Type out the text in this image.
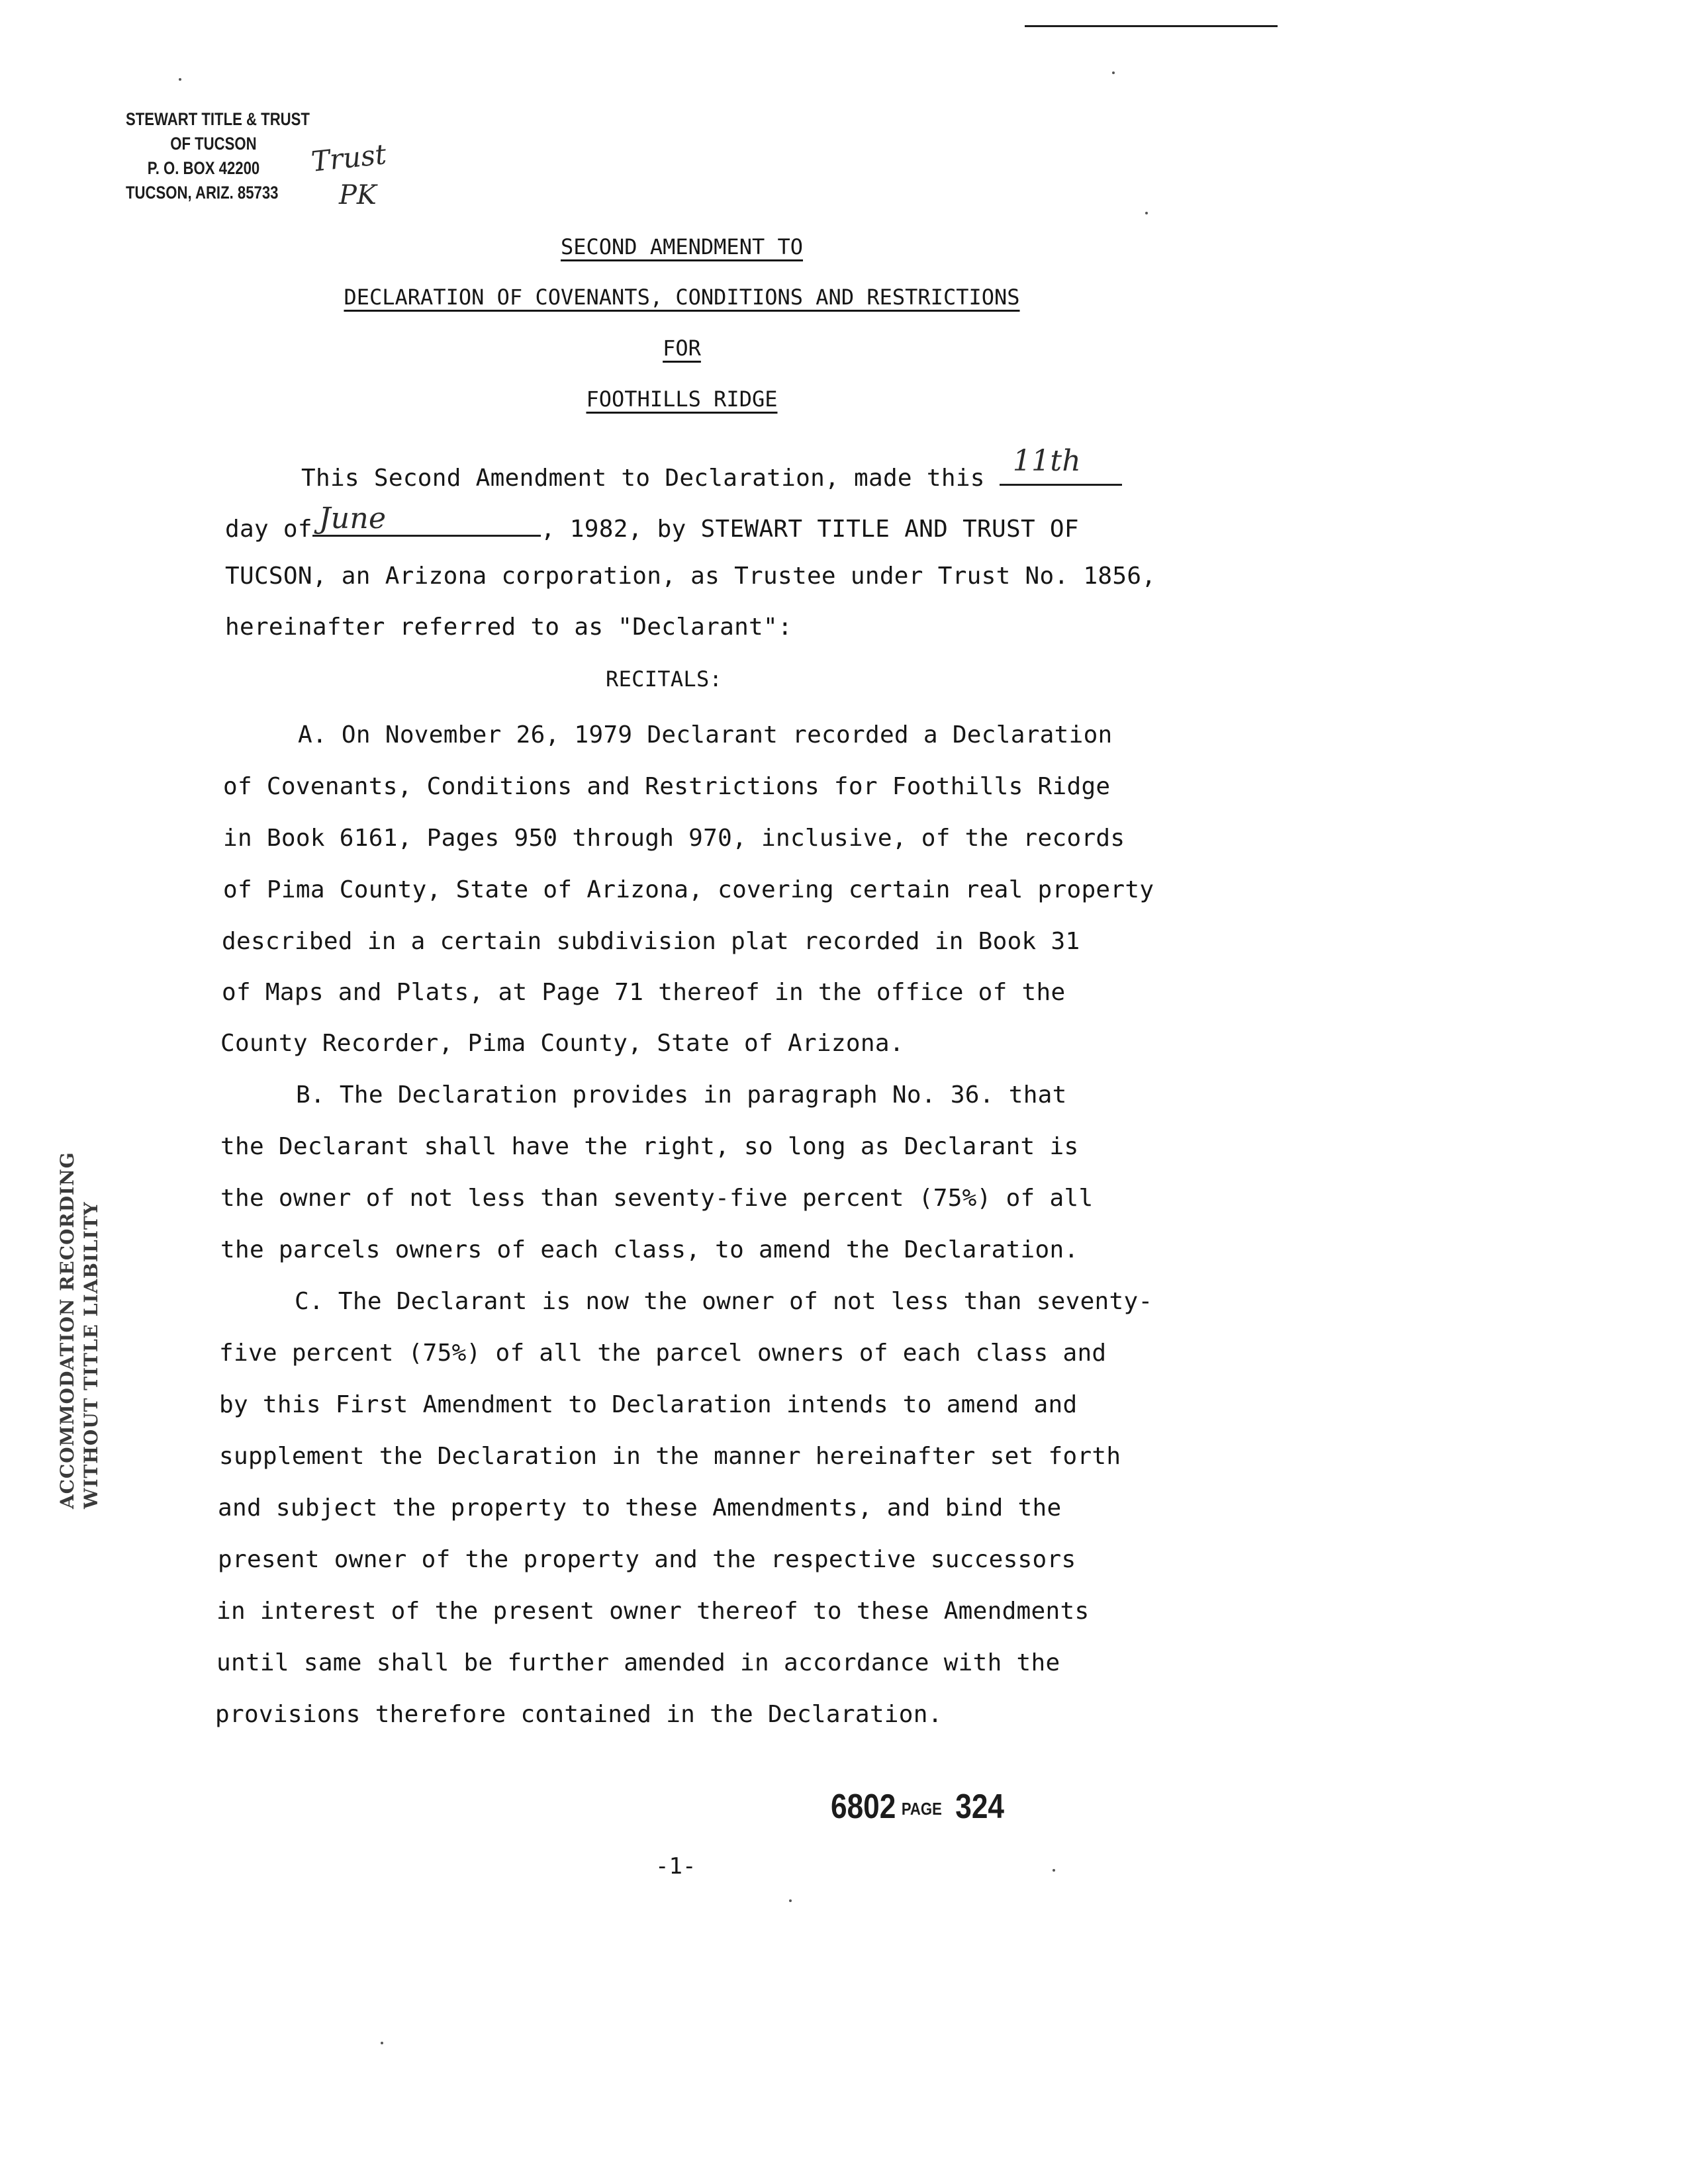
STEWART TITLE & TRUST
OF TUCSON
P. O. BOX 42200
TUCSON, ARIZ. 85733
Trust
PK
SECOND AMENDMENT TO
DECLARATION OF COVENANTS, CONDITIONS AND RESTRICTIONS
FOR
FOOTHILLS RIDGE
This Second Amendment to Declaration, made this
11th
day of June	, 1982, by STEWART TITLE AND TRUST OF
TUCSON, an Arizona corporation, as Trustee under Trust No. 1856,
hereinafter referred to as "Declarant":
RECITALS:
A. On November 26, 1979 Declarant recorded a Declaration
of Covenants, Conditions and Restrictions for Foothills Ridge
in Book 6161, Pages 950 through 970, inclusive, of the records
of Pima County, State of Arizona, covering certain real property
described in a certain subdivision plat recorded in Book 31
of Maps and Plats, at Page 71 thereof in the office of the
County Recorder, Pima County, State of Arizona.
B. The Declaration provides in paragraph No. 36. that
the Declarant shall have the right, so long as Declarant is
the owner of not less than seventy-five percent (75%) of all
the parcels owners of each class, to amend the Declaration.
C. The Declarant is now the owner of not less than seventy-
five percent (75%) of all the parcel owners of each class and
by this First Amendment to Declaration intends to amend and
supplement the Declaration in the manner hereinafter set forth
and subject the property to these Amendments, and bind the
present owner of the property and the respective successors
in interest of the present owner thereof to these Amendments
until same shall be further amended in accordance with the
provisions therefore contained in the Declaration.
ACCOMMODATION RECORDING WITHOUT TITLE LIABILITY
6802 PAGE 324
-1-
